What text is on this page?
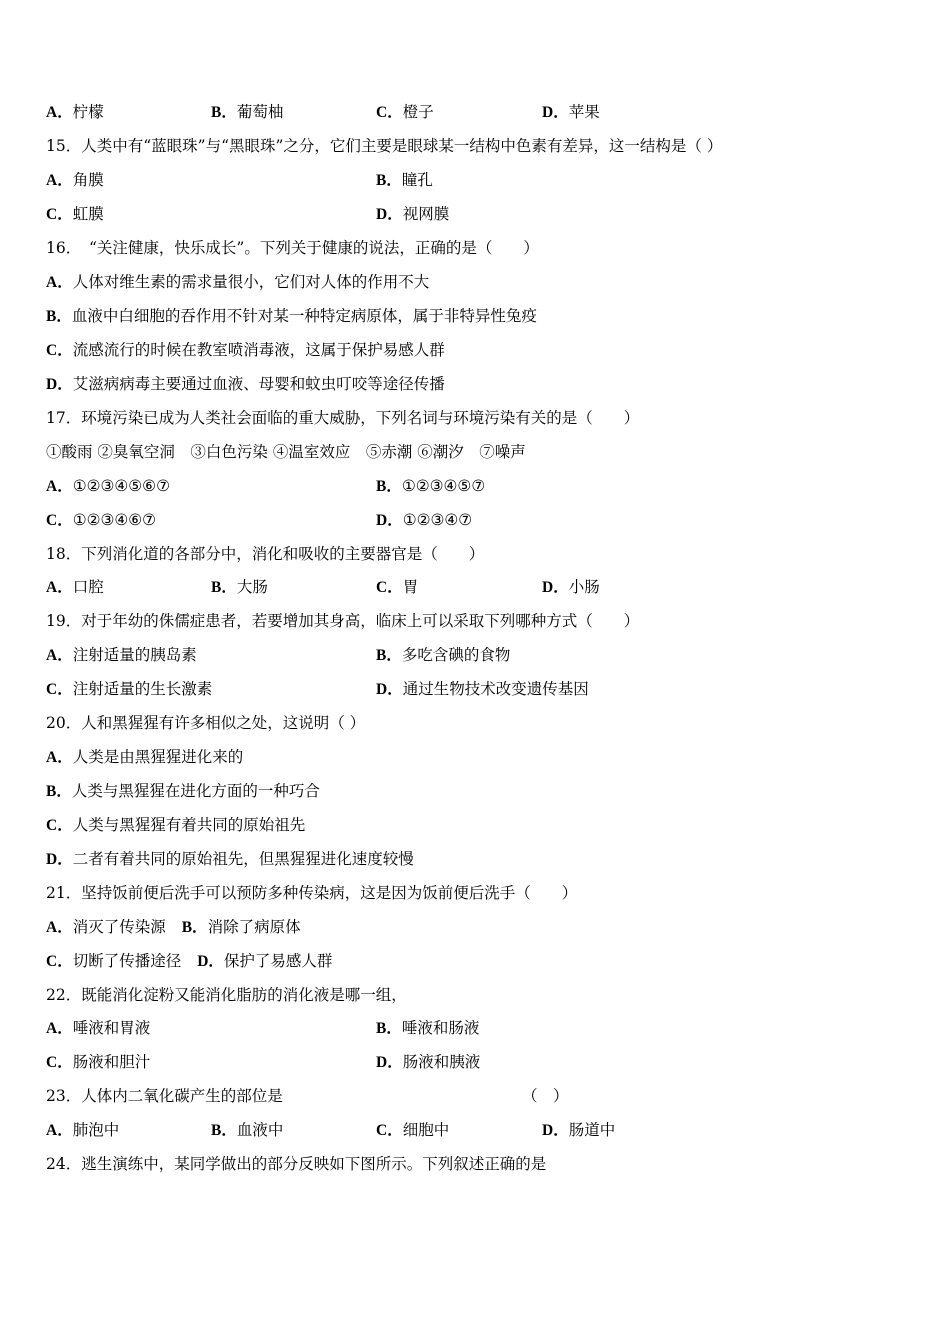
A．柠檬	B．葡萄柚	C．橙子	D．苹果
15．人类中有“蓝眼珠”与“黑眼珠”之分，它们主要是眼球某一结构中色素有差异，这一结构是（ ）
A．角膜	B．瞳孔
C．虹膜	D．视网膜
16．　“关注健康，快乐成长”。下列关于健康的说法，正确的是（　　）
A．人体对维生素的需求量很小，它们对人体的作用不大
B．血液中白细胞的吞作用不针对某一种特定病原体，属于非特异性兔疫
C．流感流行的时候在教室喷消毒液，这属于保护易感人群
D．艾滋病病毒主要通过血液、母婴和蚊虫叮咬等途径传播
17．环境污染已成为人类社会面临的重大威胁，下列名词与环境污染有关的是（　　）
①酸雨 ②臭氧空洞　③白色污染 ④温室效应　⑤赤潮 ⑥潮汐　⑦噪声
A．①②③④⑤⑥⑦	B．①②③④⑤⑦
C．①②③④⑥⑦	D．①②③④⑦
18．下列消化道的各部分中，消化和吸收的主要器官是（　　）
A．口腔	B．大肠	C．胃	D．小肠
19．对于年幼的侏儒症患者，若要增加其身高，临床上可以采取下列哪种方式（　　）
A．注射适量的胰岛素	B．多吃含碘的食物
C．注射适量的生长激素	D．通过生物技术改变遗传基因
20．人和黑猩猩有许多相似之处，这说明（ ）
A．人类是由黑猩猩进化来的
B．人类与黑猩猩在进化方面的一种巧合
C．人类与黑猩猩有着共同的原始祖先
D．二者有着共同的原始祖先，但黑猩猩进化速度较慢
21．坚持饭前便后洗手可以预防多种传染病，这是因为饭前便后洗手（　　）
A．消灭了传染源 B．消除了病原体
C．切断了传播途径 D．保护了易感人群
22．既能消化淀粉又能消化脂肪的消化液是哪一组，
A．唾液和胃液	B．唾液和肠液
C．肠液和胆汁	D．肠液和胰液
23．人体内二氧化碳产生的部位是	（　）
A．肺泡中	B．血液中	C．细胞中	D．肠道中
24．逃生演练中，某同学做出的部分反映如下图所示。下列叙述正确的是
